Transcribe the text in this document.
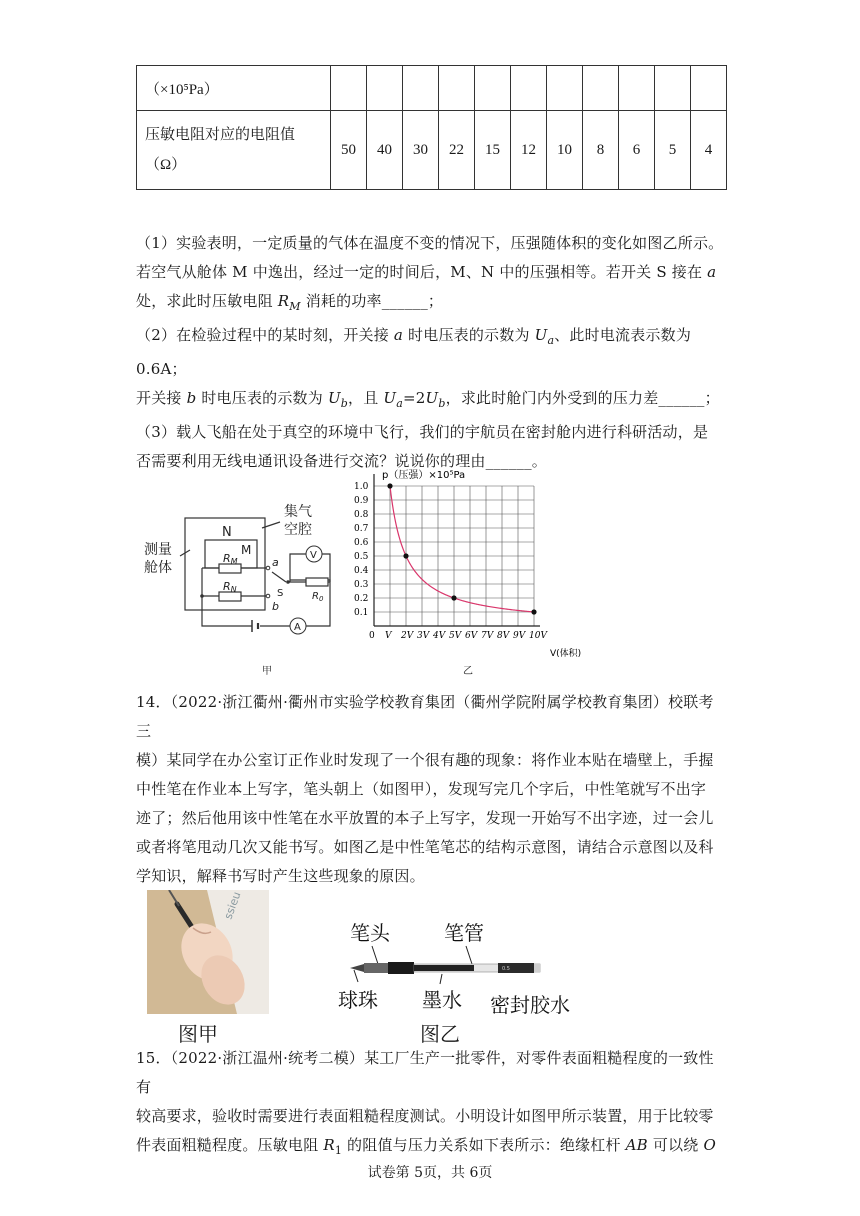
（×10⁵Pa）											
压敏电阻对应的电阻值
（Ω）	50	40	30	22	15	12	10	8	6	5	4

（1）实验表明，一定质量的气体在温度不变的情况下，压强随体积的变化如图乙所示。

若空气从舱体 M 中逸出，经过一定的时间后，M、N 中的压强相等。若开关 S 接在 a

处，求此时压敏电阻 $R_M$ 消耗的功率______；

（2）在检验过程中的某时刻，开关接 a 时电压表的示数为 $U_a$、此时电流表示数为 0.6A；

开关接 b 时电压表的示数为 $U_b$，且 $U_a=2U_b$，求此时舱门内外受到的压力差______；

（3）载人飞船在处于真空的环境中飞行，我们的宇航员在密封舱内进行科研活动，是

否需要利用无线电通讯设备进行交流？说说你的理由______。

N
M
集气
空腔
测量
舱体
RM
RN
$R_0$
a
b
S
V
A
甲
0 V 2V 3V 4V 5V 6V 7V 8V 9V 10V
0.1
0.2
0.3
0.4
0.5
0.6
0.7
0.8
0.9
1.0
p（压强）×10⁵Pa
V(体积)
乙

14．（2022·浙江衢州·衢州市实验学校教育集团（衢州学院附属学校教育集团）校联考三

模）某同学在办公室订正作业时发现了一个很有趣的现象：将作业本贴在墙壁上，手握

中性笔在作业本上写字，笔头朝上（如图甲），发现写完几个字后，中性笔就写不出字

迹了；然后他用该中性笔在水平放置的本子上写字，发现一开始写不出字迹，过一会儿

或者将笔甩动几次又能书写。如图乙是中性笔笔芯的结构示意图，请结合示意图以及科

学知识，解释书写时产生这些现象的原因。

ssieu
图甲
笔头	笔管
球珠 墨水 密封胶水
0.5
图乙

15．（2022·浙江温州·统考二模）某工厂生产一批零件，对零件表面粗糙程度的一致性有

较高要求，验收时需要进行表面粗糙程度测试。小明设计如图甲所示装置，用于比较零

件表面粗糙程度。压敏电阻 $R_1$ 的阻值与压力关系如下表所示：绝缘杠杆 AB 可以绕 O

试卷第 5页，共 6页
